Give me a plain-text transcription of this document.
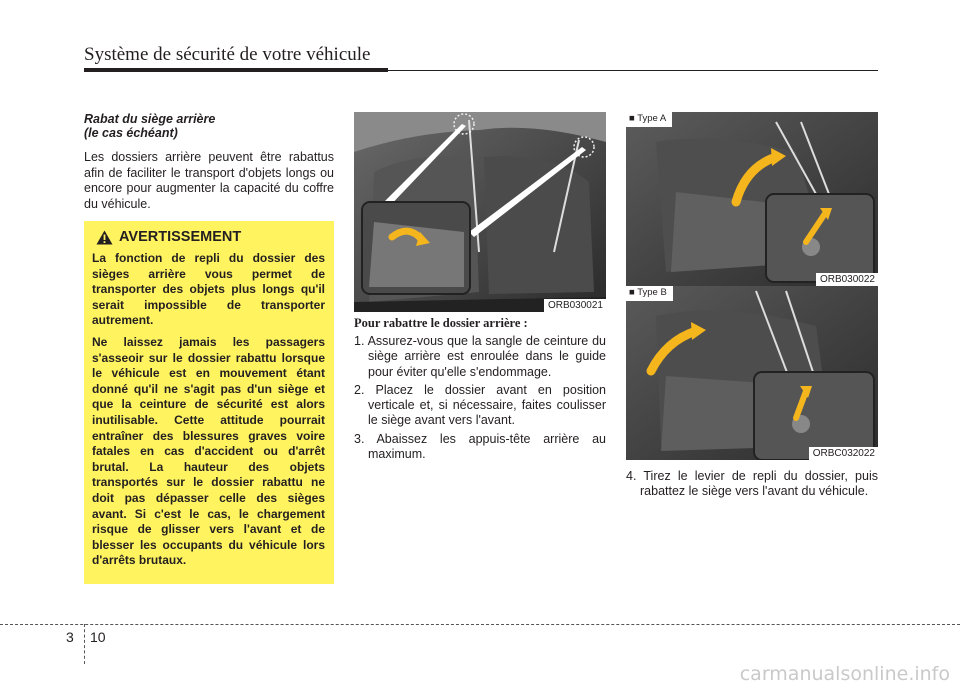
Système de sécurité de votre véhicule
Rabat du siège arrière
(le cas échéant)
Les dossiers arrière peuvent être rabattus afin de faciliter le transport d'objets longs ou encore pour augmenter la capacité du coffre du véhicule.
AVERTISSEMENT
La fonction de repli du dossier des sièges arrière vous permet de transporter des objets plus longs qu'il serait impossible de transporter autrement.
Ne laissez jamais les passagers s'asseoir sur le dossier rabattu lorsque le véhicule est en mouvement étant donné qu'il ne s'agit pas d'un siège et que la ceinture de sécurité est alors inutilisable. Cette attitude pourrait entraîner des blessures graves voire fatales en cas d'accident ou d'arrêt brutal. La hauteur des objets transportés sur le dossier rabattu ne doit pas dépasser celle des sièges avant. Si c'est le cas, le chargement risque de glisser vers l'avant et de blesser les occupants du véhicule lors d'arrêts brutaux.
ORB030021
■ Type A
ORB030022
■ Type B
ORBC032022
Pour rabattre le dossier arrière :
1. Assurez-vous que la sangle de ceinture du siège arrière est enroulée dans le guide pour éviter qu'elle s'endommage.
2. Placez le dossier avant en position verticale et, si nécessaire, faites coulisser le siège avant vers l'avant.
3. Abaissez les appuis-tête arrière au maximum.
4. Tirez le levier de repli du dossier, puis rabattez le siège vers l'avant du véhicule.
3 10
carmanualsonline.info
